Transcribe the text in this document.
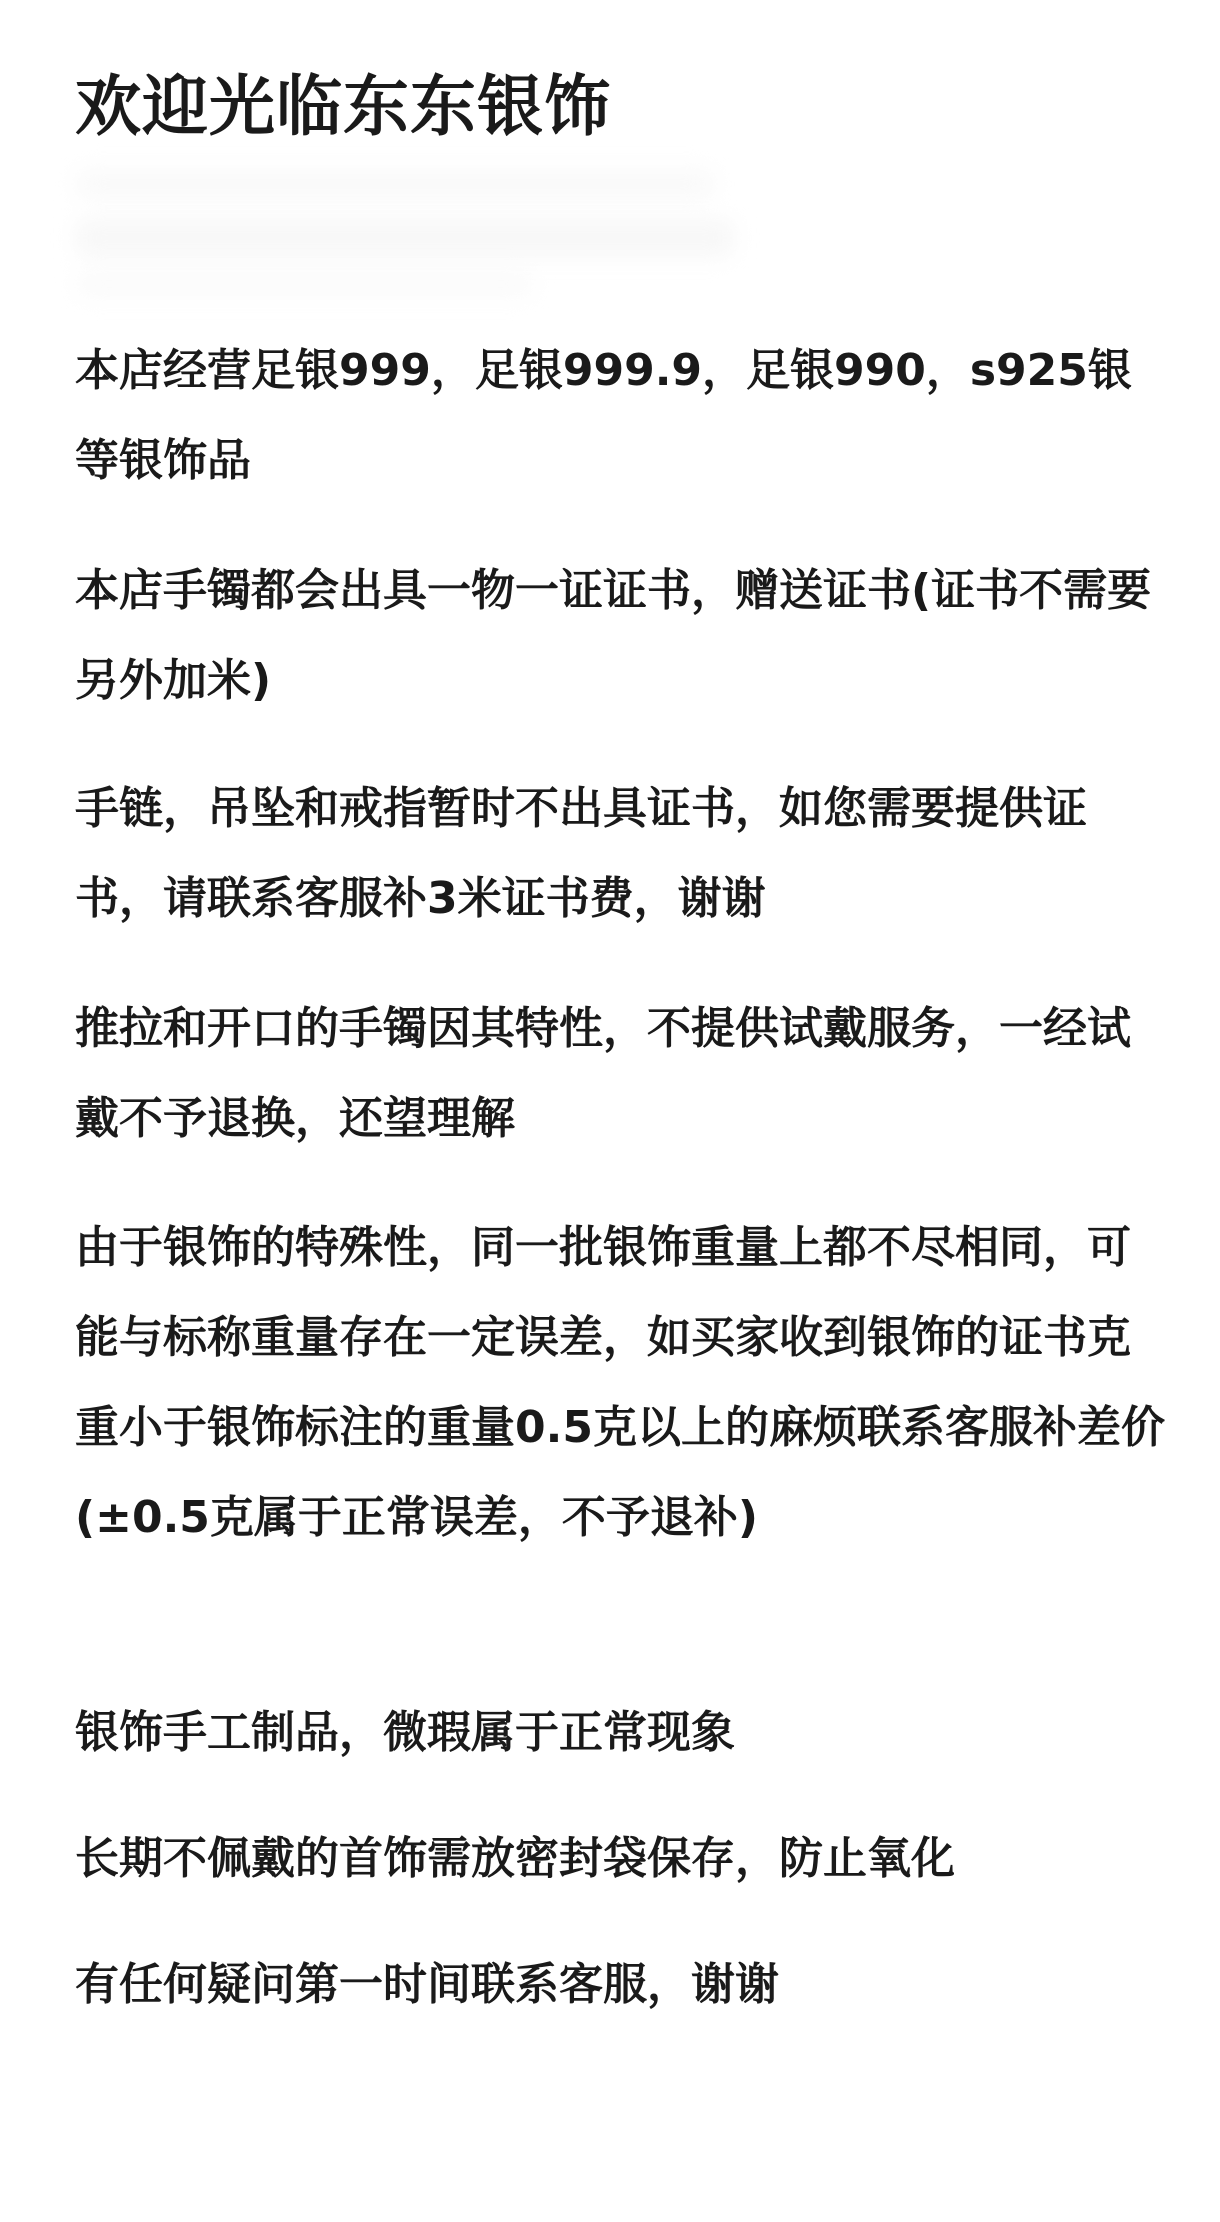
欢迎光临东东银饰

本店经营足银999，足银999.9，足银990，s925银等银饰品

本店手镯都会出具一物一证证书，赠送证书(证书不需要另外加米)

手链，吊坠和戒指暂时不出具证书，如您需要提供证书，请联系客服补3米证书费，谢谢

推拉和开口的手镯因其特性，不提供试戴服务，一经试戴不予退换，还望理解

由于银饰的特殊性，同一批银饰重量上都不尽相同，可能与标称重量存在一定误差，如买家收到银饰的证书克重小于银饰标注的重量0.5克以上的麻烦联系客服补差价(±0.5克属于正常误差，不予退补)

银饰手工制品，微瑕属于正常现象

长期不佩戴的首饰需放密封袋保存，防止氧化

有任何疑问第一时间联系客服，谢谢
